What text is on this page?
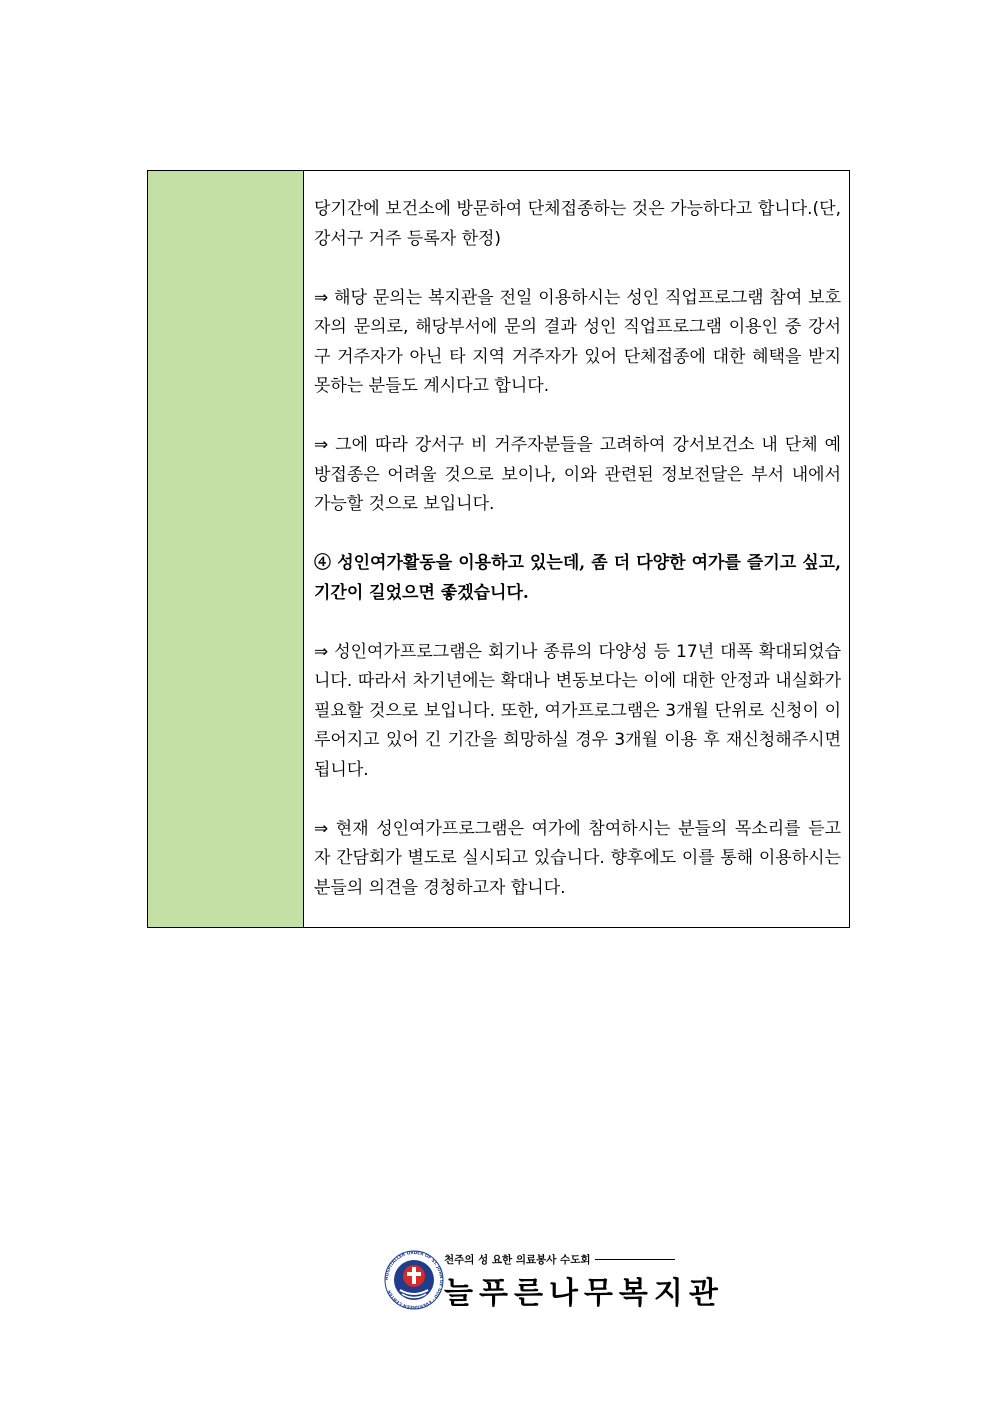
당기간에 보건소에 방문하여 단체접종하는 것은 가능하다고 합니다.(단, 강서구 거주 등록자 한정)

⇒ 해당 문의는 복지관을 전일 이용하시는 성인 직업프로그램 참여 보호자의 문의로, 해당부서에 문의 결과 성인 직업프로그램 이용인 중 강서구 거주자가 아닌 타 지역 거주자가 있어 단체접종에 대한 혜택을 받지 못하는 분들도 계시다고 합니다.

⇒ 그에 따라 강서구 비 거주자분들을 고려하여 강서보건소 내 단체 예방접종은 어려울 것으로 보이나, 이와 관련된 정보전달은 부서 내에서 가능할 것으로 보입니다.

④ 성인여가활동을 이용하고 있는데, 좀 더 다양한 여가를 즐기고 싶고, 기간이 길었으면 좋겠습니다.

⇒ 성인여가프로그램은 회기나 종류의 다양성 등 17년 대폭 확대되었습니다. 따라서 차기년에는 확대나 변동보다는 이에 대한 안정과 내실화가 필요할 것으로 보입니다. 또한, 여가프로그램은 3개월 단위로 신청이 이루어지고 있어 긴 기간을 희망하실 경우 3개월 이용 후 재신청해주시면 됩니다.

⇒ 현재 성인여가프로그램은 여가에 참여하시는 분들의 목소리를 듣고자 간담회가 별도로 실시되고 있습니다. 향후에도 이를 통해 이용하시는 분들의 의견을 경청하고자 합니다.

HOSPITALLER ORDER OF ST. JOHN OF GOD · EVERGREEN CENTER
천주의 성 요한 의료봉사 수도회
늘푸른나무복지관
